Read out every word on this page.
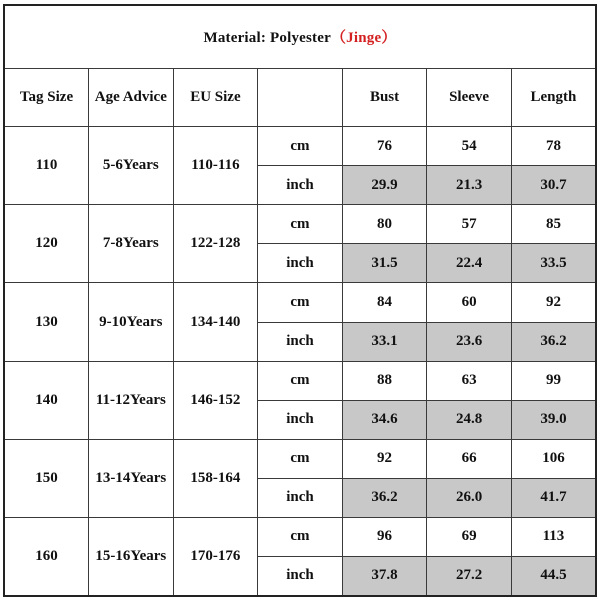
Material: Polyester（Jinge）						
Tag Size	Age Advice	EU Size		Bust	Sleeve	Length
110	5-6Years	110-116	cm	76	54	78
			inch	29.9	21.3	30.7
120	7-8Years	122-128	cm	80	57	85
			inch	31.5	22.4	33.5
130	9-10Years	134-140	cm	84	60	92
			inch	33.1	23.6	36.2
140	11-12Years	146-152	cm	88	63	99
			inch	34.6	24.8	39.0
150	13-14Years	158-164	cm	92	66	106
			inch	36.2	26.0	41.7
160	15-16Years	170-176	cm	96	69	113
			inch	37.8	27.2	44.5
